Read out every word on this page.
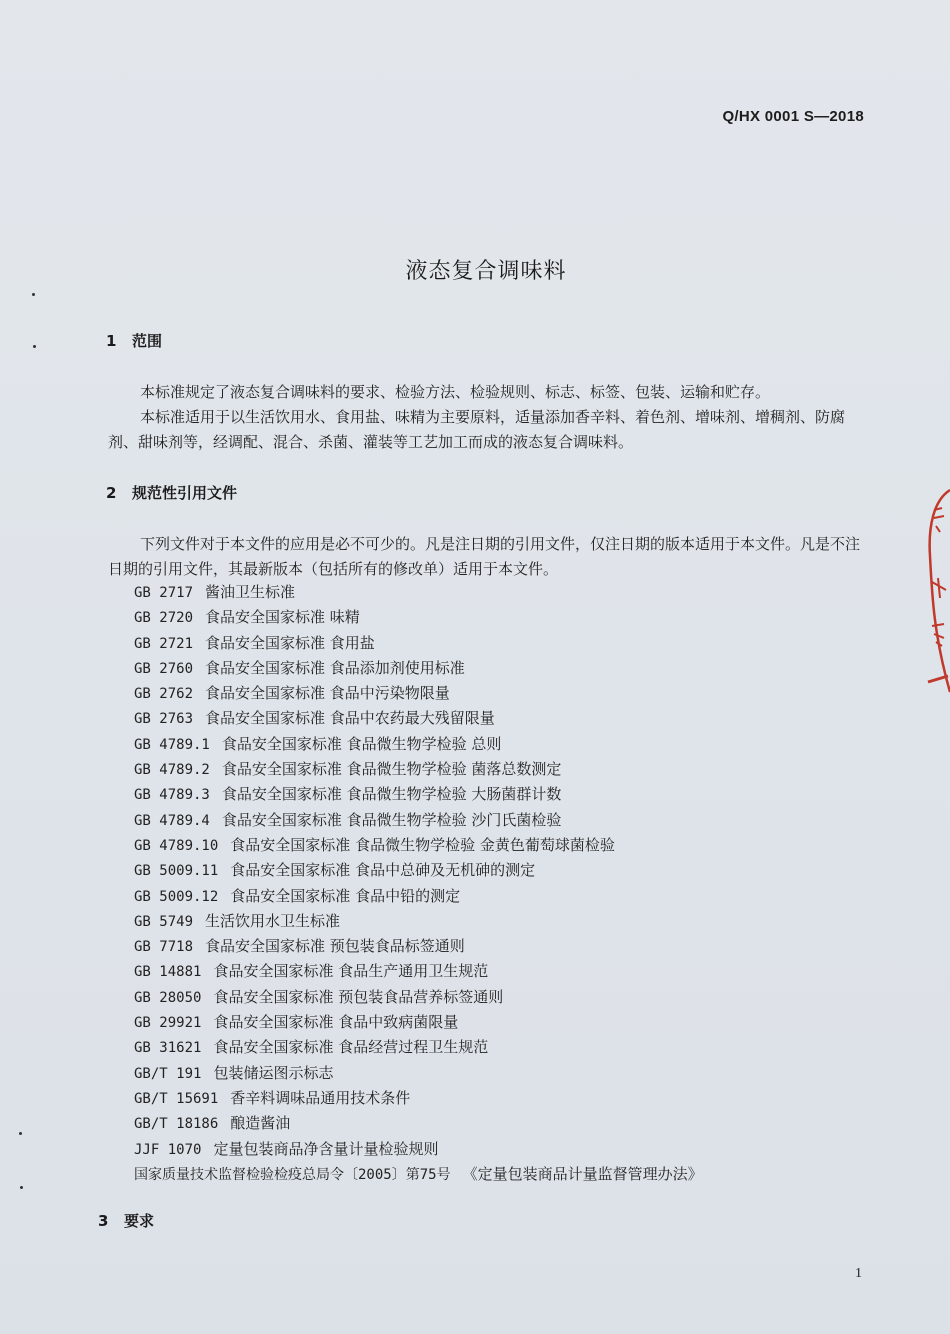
Q/HX 0001 S—2018
液态复合调味料
1 范围
本标准规定了液态复合调味料的要求、检验方法、检验规则、标志、标签、包装、运输和贮存。
本标准适用于以生活饮用水、食用盐、味精为主要原料，适量添加香辛料、着色剂、增味剂、增稠剂、防腐剂、甜味剂等，经调配、混合、杀菌、灌装等工艺加工而成的液态复合调味料。
2 规范性引用文件
下列文件对于本文件的应用是必不可少的。凡是注日期的引用文件，仅注日期的版本适用于本文件。凡是不注日期的引用文件，其最新版本（包括所有的修改单）适用于本文件。
GB 2717 酱油卫生标准
GB 2720 食品安全国家标准 味精
GB 2721 食品安全国家标准 食用盐
GB 2760 食品安全国家标准 食品添加剂使用标准
GB 2762 食品安全国家标准 食品中污染物限量
GB 2763 食品安全国家标准 食品中农药最大残留限量
GB 4789.1 食品安全国家标准 食品微生物学检验 总则
GB 4789.2 食品安全国家标准 食品微生物学检验 菌落总数测定
GB 4789.3 食品安全国家标准 食品微生物学检验 大肠菌群计数
GB 4789.4 食品安全国家标准 食品微生物学检验 沙门氏菌检验
GB 4789.10 食品安全国家标准 食品微生物学检验 金黄色葡萄球菌检验
GB 5009.11 食品安全国家标准 食品中总砷及无机砷的测定
GB 5009.12 食品安全国家标准 食品中铅的测定
GB 5749 生活饮用水卫生标准
GB 7718 食品安全国家标准 预包装食品标签通则
GB 14881 食品安全国家标准 食品生产通用卫生规范
GB 28050 食品安全国家标准 预包装食品营养标签通则
GB 29921 食品安全国家标准 食品中致病菌限量
GB 31621 食品安全国家标准 食品经营过程卫生规范
GB/T 191 包装储运图示标志
GB/T 15691 香辛料调味品通用技术条件
GB/T 18186 酿造酱油
JJF 1070 定量包装商品净含量计量检验规则
国家质量技术监督检验检疫总局令〔2005〕第75号 《定量包装商品计量监督管理办法》
3 要求
1
